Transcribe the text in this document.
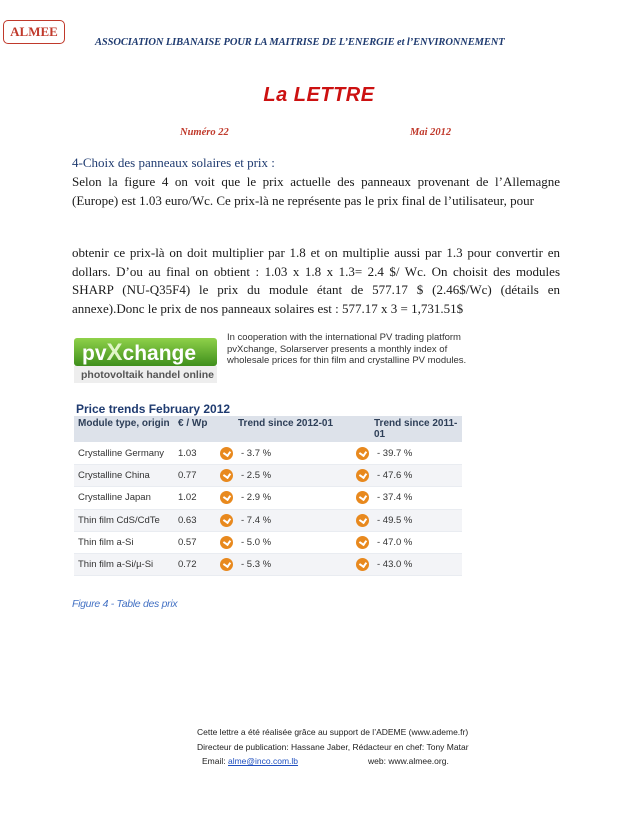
ALMEE
ASSOCIATION LIBANAISE POUR LA MAITRISE DE L’ENERGIE et l’ENVIRONNEMENT
La LETTRE
Numéro 22	Mai 2012
4-Choix des panneaux solaires et prix :
Selon la figure 4 on voit que le prix actuelle des panneaux provenant de l’Allemagne (Europe) est 1.03 euro/Wc. Ce prix-là ne représente pas le prix final de l’utilisateur, pour
obtenir ce prix-là on doit multiplier par 1.8 et on multiplie aussi par 1.3 pour convertir en dollars. D’ou au final on obtient : 1.03 x 1.8 x 1.3= 2.4 $/ Wc. On choisit des modules SHARP (NU-Q35F4) le prix du module étant de 577.17 $ (2.46$/Wc) (détails en annexe).Donc le prix de nos panneaux solaires est : 577.17 x 3 = 1,731.51$
pvXchange
photovoltaik handel online
In cooperation with the international PV trading platform pvXchange, Solarserver presents a monthly index of wholesale prices for thin film and crystalline PV modules.
Price trends February 2012
Module type, origin	€ / Wp	Trend since 2012-01	Trend since 2011-01
Crystalline Germany	1.03	- 3.7 %	- 39.7 %
Crystalline China	0.77	- 2.5 %	- 47.6 %
Crystalline Japan	1.02	- 2.9 %	- 37.4 %
Thin film CdS/CdTe	0.63	- 7.4 %	- 49.5 %
Thin film a-Si	0.57	- 5.0 %	- 47.0 %
Thin film a-Si/µ-Si	0.72	- 5.3 %	- 43.0 %
Figure 4 - Table des prix
Cette lettre a été réalisée grâce au support de l’ADEME (www.ademe.fr)
Directeur de publication: Hassane Jaber, Rédacteur en chef: Tony Matar
Email: alme@inco.com.lb	web: www.almee.org.
